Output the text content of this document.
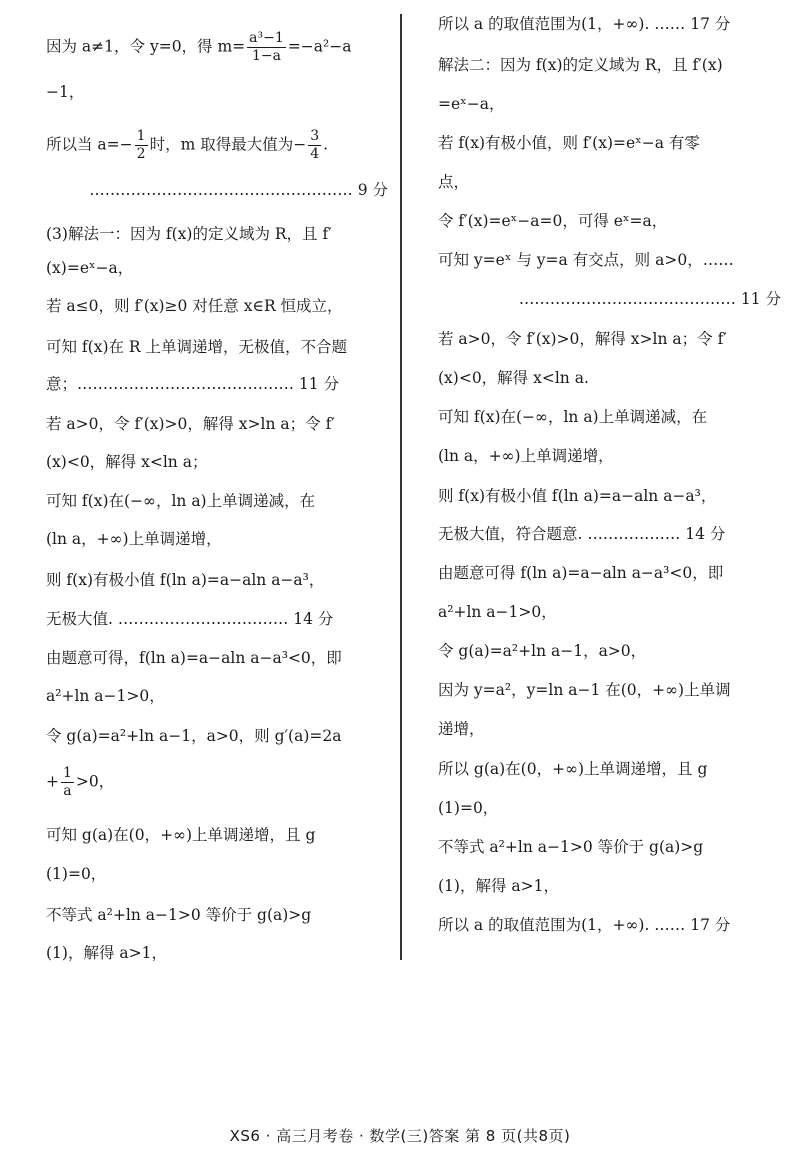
因为 a≠1，令 y=0，得 $m= \frac{\text{a³−1}}{1-a} =-a^2-a$
−1，
所以当 $a=- \frac{1}{2}$ 时，m 取得最大值为− $\frac{3}{4}$ .
…………………………………………… 9 分
(3)解法一：因为 f(x)的定义域为 R，且 f′
(x)=eˣ−a，
若 a≤0，则 f′(x)≥0 对任意 x∈R 恒成立，
可知 f(x)在 R 上单调递增，无极值，不合题
意；…………………………………… 11 分
若 a>0，令 f′(x)>0，解得 x>ln a；令 f′
(x)<0，解得 x<ln a；
可知 f(x)在(−∞，ln a)上单调递减，在
(ln a，+∞)上单调递增，
则 f(x)有极小值 f(ln a)=a−aln a−a³，
无极大值. …………………………… 14 分
由题意可得，f(ln a)=a−aln a−a³<0，即
a²+ln a−1>0，
令 g(a)=a²+ln a−1，a>0，则 g′(a)=2a
+ $\frac{1}{a} >0$，
可知 g(a)在(0，+∞)上单调递增，且 g
(1)=0，
不等式 a²+ln a−1>0 等价于 g(a)>g
(1)，解得 a>1，
所以 a 的取值范围为(1，+∞). …… 17 分
解法二：因为 f(x)的定义域为 R，且 f′(x)
=eˣ−a，
若 f(x)有极小值，则 f′(x)=eˣ−a 有零
点，
令 f′(x)=eˣ−a=0，可得 eˣ=a，
可知 y=eˣ 与 y=a 有交点，则 a>0，……
…………………………………… 11 分
若 a>0，令 f′(x)>0，解得 x>ln a；令 f′
(x)<0，解得 x<ln a.
可知 f(x)在(−∞，ln a)上单调递减，在
(ln a，+∞)上单调递增，
则 f(x)有极小值 f(ln a)=a−aln a−a³，
无极大值，符合题意. ……………… 14 分
由题意可得 f(ln a)=a−aln a−a³<0，即
a²+ln a−1>0，
令 g(a)=a²+ln a−1，a>0，
因为 y=a²，y=ln a−1 在(0，+∞)上单调
递增，
所以 g(a)在(0，+∞)上单调递增，且 g
(1)=0，
不等式 a²+ln a−1>0 等价于 g(a)>g
(1)，解得 a>1，
所以 a 的取值范围为(1，+∞). …… 17 分
XS6 · 高三月考卷 · 数学(三)答案 第 8 页(共8页)
